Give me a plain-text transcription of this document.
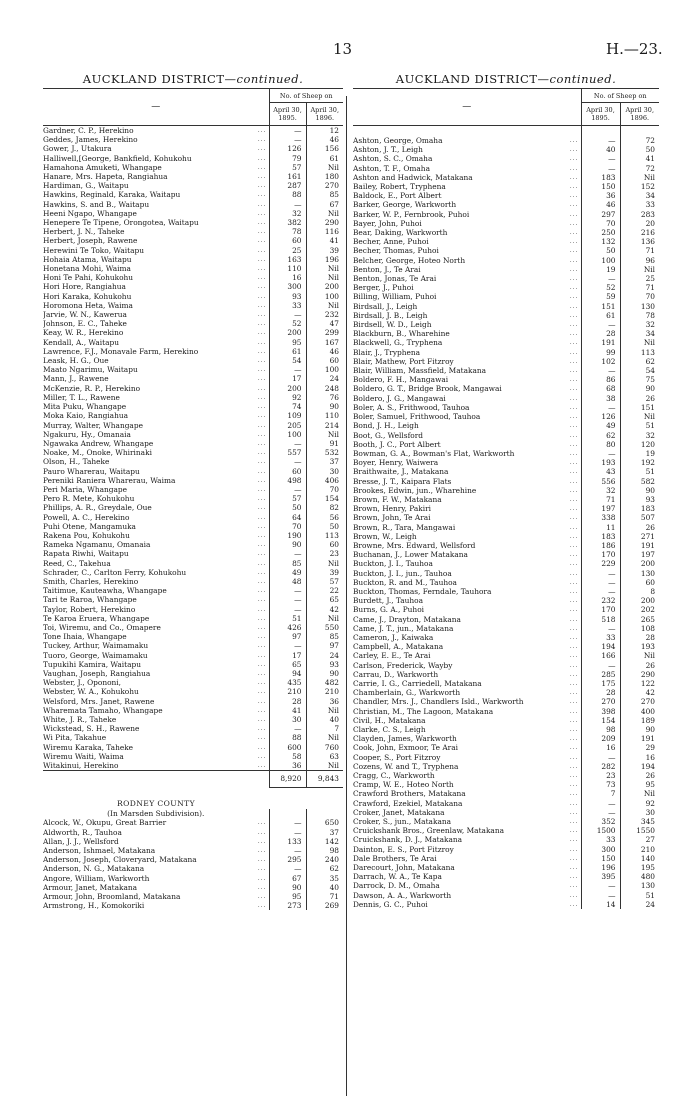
13	H.—23.
AUCKLAND DISTRICT—continued.
—		No. of Sheep on	
		April 30, 1895.	April 30, 1896.
Gardner, C. P., Herekino	...	—	12
Geddes, James, Herekino	...	—	46
Gower, J., Utakura	...	126	156
Halliwell,[George, Bankfield, Kohukohu	...	79	61
Hamahona Amuketi, Whangape	...	57	Nil
Hanare, Mrs. Hapeta, Rangiahua	...	161	180
Hardiman, G., Waitapu	...	287	270
Hawkins, Reginald, Karaka, Waitapu	...	88	85
Hawkins, S. and B., Waitapu	...	—	67
Heeni Ngapo, Whangape	...	32	Nil
Henepere Te Tipene, Orongotea, Waitapu	...	382	290
Herbert, J. N., Taheke	...	78	116
Herbert, Joseph, Rawene	...	60	41
Herewini Te Toko, Waitapu	...	25	39
Hohaia Atama, Waitapu	...	163	196
Honetana Mohi, Waima	...	110	Nil
Honi Te Pahi, Kohukohu	...	16	Nil
Hori Hore, Rangiahua	...	300	200
Hori Karaka, Kohukohu	...	93	100
Horomona Heta, Waima	...	33	Nil
Jarvie, W. N., Kawerua	...	—	232
Johnson, E. C., Taheke	...	52	47
Keay, W. R., Herekino	...	200	299
Kendall, A., Waitapu	...	95	167
Lawrence, F.J., Monavale Farm, Herekino	...	61	46
Leask, H. G., Oue	...	54	60
Maato Ngarimu, Waitapu	...	—	100
Mann, J., Rawene	...	17	24
McKenzie, R. P., Herekino	...	200	248
Miller, T. L., Rawene	...	92	76
Mita Puku, Whangape	...	74	90
Moka Kaio, Rangiahua	...	109	110
Murray, Walter, Whangape	...	205	214
Ngakuru, Hy., Omanaia	...	100	Nil
Ngawaka Andrew, Whangape	...	—	91
Noake, M., Onoke, Whirinaki	...	557	532
Olson, H., Taheke	...	—	37
Pauro Wharerau, Waitapu	...	60	30
Pereniki Raniera Wharerau, Waima	...	498	406
Peri Maria, Whangape	...	—	70
Pero R. Mete, Kohukohu	...	57	154
Phillips, A. R., Greydale, Oue	...	50	82
Powell, A. C., Herekino	...	64	56
Puhi Otene, Mangamuka	...	70	50
Rakena Pou, Kohukohu	...	190	113
Rameka Ngamanu, Omanaia	...	90	60
Rapata Riwhi, Waitapu	...	—	23
Reed, C., Takehua	...	85	Nil
Schrader, C., Carlton Ferry, Kohukohu	...	49	39
Smith, Charles, Herekino	...	48	57
Taitimue, Kauteawha, Whangape	...	—	22
Tari te Raroa, Whangape	...	—	65
Taylor, Robert, Herekino	...	—	42
Te Karoa Eruera, Whangape	...	51	Nil
Toi, Wiremu, and Co., Omapere	...	426	550
Tone Ihaia, Whangape	...	97	85
Tuckey, Arthur, Waimamaku	...	—	97
Tuoro, George, Waimamaku	...	17	24
Tupukihi Kamira, Waitapu	...	65	93
Vaughan, Joseph, Rangiahua	...	94	90
Webster, J., Opononi,	...	435	482
Webster, W. A., Kohukohu	...	210	210
Welsford, Mrs. Janet, Rawene	...	28	36
Wharemata Tamaho, Whangape	...	41	Nil
White, J. R., Taheke	...	30	40
Wickstead, S. H., Rawene	...	—	7
Wi Pita, Takahue	...	88	Nil
Wiremu Karaka, Taheke	...	600	760
Wiremu Waiti, Waima	...	58	63
Witakinui, Herekino	...	36	Nil
		8,920	9,843

RODNEY COUNTY			
(In Marsden Subdivision).			
Alcock, W., Okupu, Great Barrier	...	—	650
Aldworth, R., Tauhoa	...	—	37
Allan, J. J., Wellsford	...	133	142
Anderson, Ishmael, Matakana	...	—	98
Anderson, Joseph, Cloveryard, Matakana	...	295	240
Anderson, N. G., Matakana	...	—	62
Angore, William, Warkworth	...	67	35
Armour, Janet, Matakana	...	90	40
Armour, John, Broomland, Matakana	...	95	71
Armstrong, H., Komokoriki	...	273	269
AUCKLAND DISTRICT—continued.
—		No. of Sheep on	
		April 30, 1895.	April 30, 1896.

Ashton, George, Omaha	...	—	72
Ashton, J. T., Leigh	...	40	50
Ashton, S. C., Omaha	...	—	41
Ashton, T. F., Omaha	...	—	72
Ashton and Hadwick, Matakana	...	183	Nil
Bailey, Robert, Tryphena	...	150	152
Baldock, E., Port Albert	...	36	34
Barker, George, Warkworth	...	46	33
Barker, W. P., Fernbrook, Puhoi	...	297	283
Bayer, John, Puhoi	...	70	20
Bear, Daking, Warkworth	...	250	216
Becher, Anne, Puhoi	...	132	136
Becher, Thomas, Puhoi	...	50	71
Belcher, George, Hoteo North	...	100	96
Benton, J., Te Arai	...	19	Nil
Benton, Jonas, Te Arai	...	—	25
Berger, J., Puhoi	...	52	71
Billing, William, Puhoi	...	59	70
Birdsall, J., Leigh	...	151	130
Birdsall, J. B., Leigh	...	61	78
Birdsell, W. D., Leigh	...	—	32
Blackburn, B., Wharehine	...	28	34
Blackwell, G., Tryphena	...	191	Nil
Blair, J., Tryphena	...	99	113
Blair, Mathew, Port Fitzroy	...	102	62
Blair, William, Massfield, Matakana	...	—	54
Boldero, F. H., Mangawai	...	86	75
Boldero, G. T., Bridge Brook, Mangawai	...	68	90
Boldero, J. G., Mangawai	...	38	26
Boler, A. S., Frithwood, Tauhoa	...	—	151
Boler, Samuel, Frithwood, Tauhoa	...	126	Nil
Bond, J. H., Leigh	...	49	51
Boot, G., Wellsford	...	62	32
Booth, J. C., Port Albert	...	80	120
Bowman, G. A., Bowman's Flat, Warkworth	...	—	19
Boyer, Henry, Waiwera	...	193	192
Braithwaite, J., Matakana	...	43	51
Bresse, J. T., Kaipara Flats	...	556	582
Brookes, Edwin, jun., Wharehine	...	32	90
Brown, F. W., Matakana	...	71	93
Brown, Henry, Pakiri	...	197	183
Brown, John, Te Arai	...	338	507
Brown, R., Tara, Mangawai	...	11	26
Brown, W., Leigh	...	183	271
Browne, Mrs. Edward, Wellsford	...	186	191
Buchanan, J., Lower Matakana	...	170	197
Buckton, J. I., Tauhoa	...	229	200
Buckton, J. I., jun., Tauhoa	...	—	130
Buckton, R. and M., Tauhoa	...	—	60
Buckton, Thomas, Ferndale, Tauhora	...	—	8
Burdett, J., Tauhoa	...	232	200
Burns, G. A., Puhoi	...	170	202
Came, J., Drayton, Matakana	...	518	265
Came, J. T., jun., Matakana	...	—	108
Cameron, J., Kaiwaka	...	33	28
Campbell, A., Matakana	...	194	193
Carley, E. E., Te Arai	...	166	Nil
Carlson, Frederick, Wayby	...	—	26
Carrau, D., Warkworth	...	285	290
Carrie, I. G., Carriedell, Matakana	...	175	122
Chamberlain, G., Warkworth	...	28	42
Chandler, Mrs. J., Chandlers Isld., Warkworth	...	270	270
Christian, M., The Lagoon, Matakana	...	398	400
Civil, H., Matakana	...	154	189
Clarke, C. S., Leigh	...	98	90
Clayden, James, Warkworth	...	209	191
Cook, John, Exmoor, Te Arai	...	16	29
Cooper, S., Port Fitzroy	...	—	16
Cozens, W. and T., Tryphena	...	282	194
Cragg, C., Warkworth	...	23	26
Cramp, W. E., Hoteo North	...	73	95
Crawford Brothers, Matakana	...	7	Nil
Crawford, Ezekiel, Matakana	...	—	92
Croker, Janet, Matakana	...	—	30
Croker, S., jun., Matakana	...	352	345
Cruickshank Bros., Greenlaw, Matakana	...	1500	1550
Cruickshank, D. J., Matakana	...	33	27
Dainton, E. S., Port Fitzroy	...	300	210
Dale Brothers, Te Arai	...	150	140
Darecourt, John, Matakana	...	196	195
Darrach, W. A., Te Kapa	...	395	480
Darrock, D. M., Omaha	...	—	130
Dawson, A. A., Warkworth	...	—	51
Dennis, G. C., Puhoi	...	14	24
